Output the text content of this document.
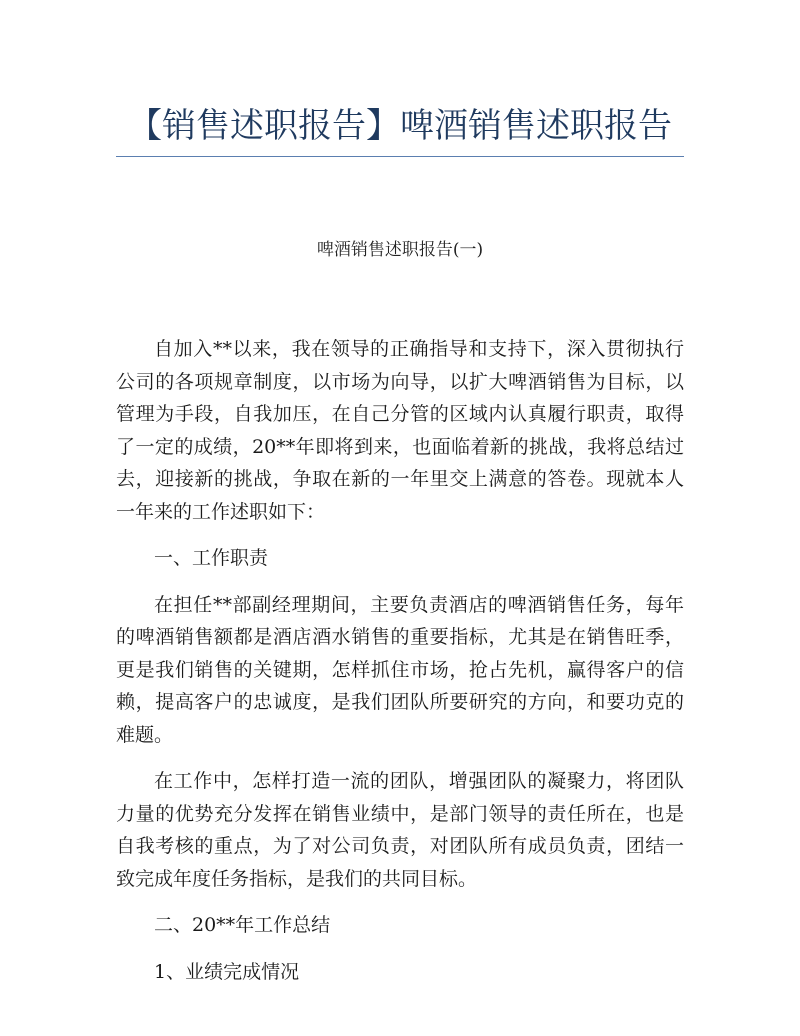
【销售述职报告】啤酒销售述职报告
啤酒销售述职报告(一)

自加入**以来，我在领导的正确指导和支持下，深入贯彻执行公司的各项规章制度，以市场为向导，以扩大啤酒销售为目标，以管理为手段，自我加压，在自己分管的区域内认真履行职责，取得了一定的成绩，20**年即将到来，也面临着新的挑战，我将总结过去，迎接新的挑战，争取在新的一年里交上满意的答卷。现就本人一年来的工作述职如下：

一、工作职责

在担任**部副经理期间，主要负责酒店的啤酒销售任务，每年的啤酒销售额都是酒店酒水销售的重要指标，尤其是在销售旺季，更是我们销售的关键期，怎样抓住市场，抢占先机，赢得客户的信赖，提高客户的忠诚度，是我们团队所要研究的方向，和要功克的难题。

在工作中，怎样打造一流的团队，增强团队的凝聚力，将团队力量的优势充分发挥在销售业绩中，是部门领导的责任所在，也是自我考核的重点，为了对公司负责，对团队所有成员负责，团结一致完成年度任务指标，是我们的共同目标。

二、20**年工作总结

1、业绩完成情况
